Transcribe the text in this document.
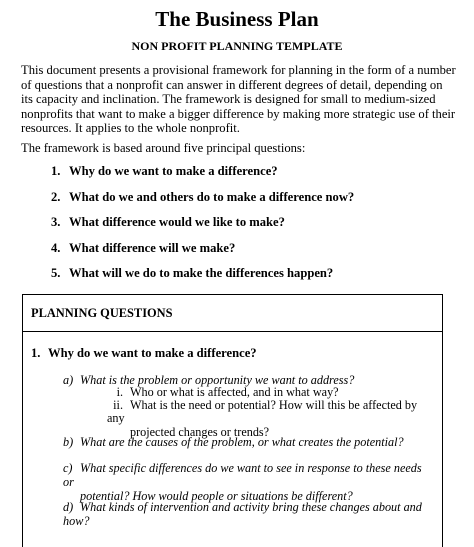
The Business Plan
NON PROFIT PLANNING TEMPLATE

This document presents a provisional framework for planning in the form of a number of questions that a nonprofit can answer in different degrees of detail, depending on its capacity and inclination. The framework is designed for small to medium-sized nonprofits that want to make a bigger difference by making more strategic use of their resources. It applies to the whole nonprofit.

The framework is based around five principal questions:

1. Why do we want to make a difference?
2. What do we and others do to make a difference now?
3. What difference would we like to make?
4. What difference will we make?
5. What will we do to make the differences happen?
PLANNING QUESTIONS
1. Why do we want to make a difference?
a) What is the problem or opportunity we want to address?
i. Who or what is affected, and in what way?
ii. What is the need or potential? How will this be affected by any
projected changes or trends?
b) What are the causes of the problem, or what creates the potential?
c) What specific differences do we want to see in response to these needs or
potential? How would people or situations be different?
d) What kinds of intervention and activity bring these changes about and how?
